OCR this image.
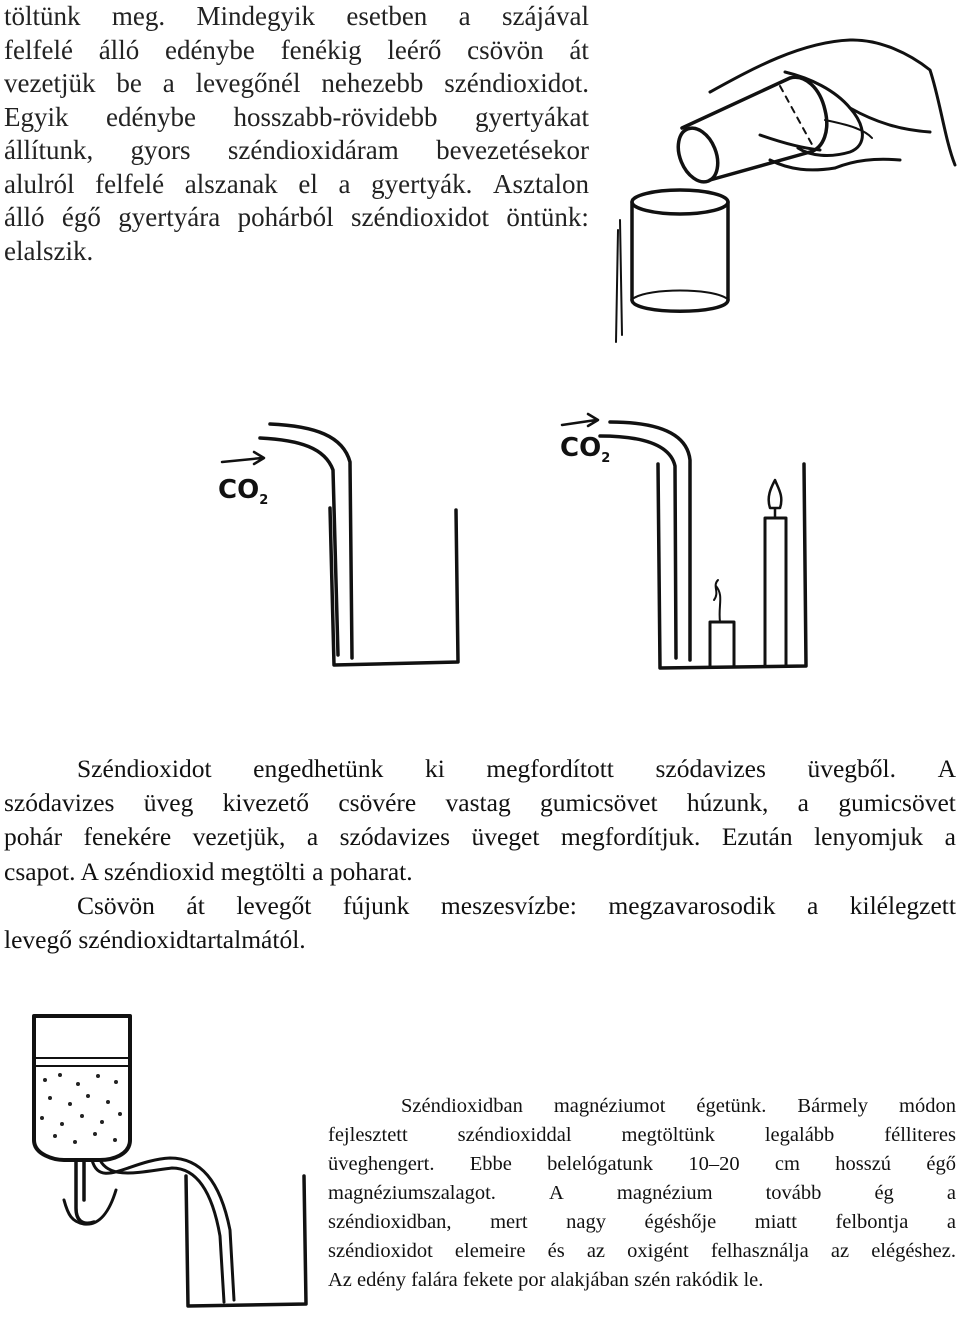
töltünk meg. Mindegyik esetben a szájával
felfelé álló edénybe fenékig leérő csövön át
vezetjük be a levegőnél nehezebb széndioxidot.
Egyik edénybe hosszabb-rövidebb gyertyákat
állítunk, gyors széndioxidáram bevezetésekor
alulról felfelé alszanak el a gyertyák. Asztalon
álló égő gyertyára pohárból széndioxidot öntünk:
elalszik.
$CO_2$
$CO_2$
Széndioxidot engedhetünk ki megfordított szódavizes üvegből. A
szódavizes üveg kivezető csövére vastag gumicsövet húzunk, a gumicsövet
pohár fenekére vezetjük, a szódavizes üveget megfordítjuk. Ezután lenyomjuk a
csapot. A széndioxid megtölti a poharat.
Csövön át levegőt fújunk meszesvízbe: megzavarosodik a kilélegzett
levegő széndioxidtartalmától.
Széndioxidban magnéziumot égetünk. Bármely módon
fejlesztett széndioxiddal megtöltünk legalább félliteres
üveghengert. Ebbe belelógatunk 10–20 cm hosszú égő
magnéziumszalagot.	A	magnézium	tovább	ég	a
széndioxidban, mert nagy égéshője miatt felbontja a
széndioxidot elemeire és az oxigént felhasználja az elégéshez.
Az edény falára fekete por alakjában szén rakódik le.
